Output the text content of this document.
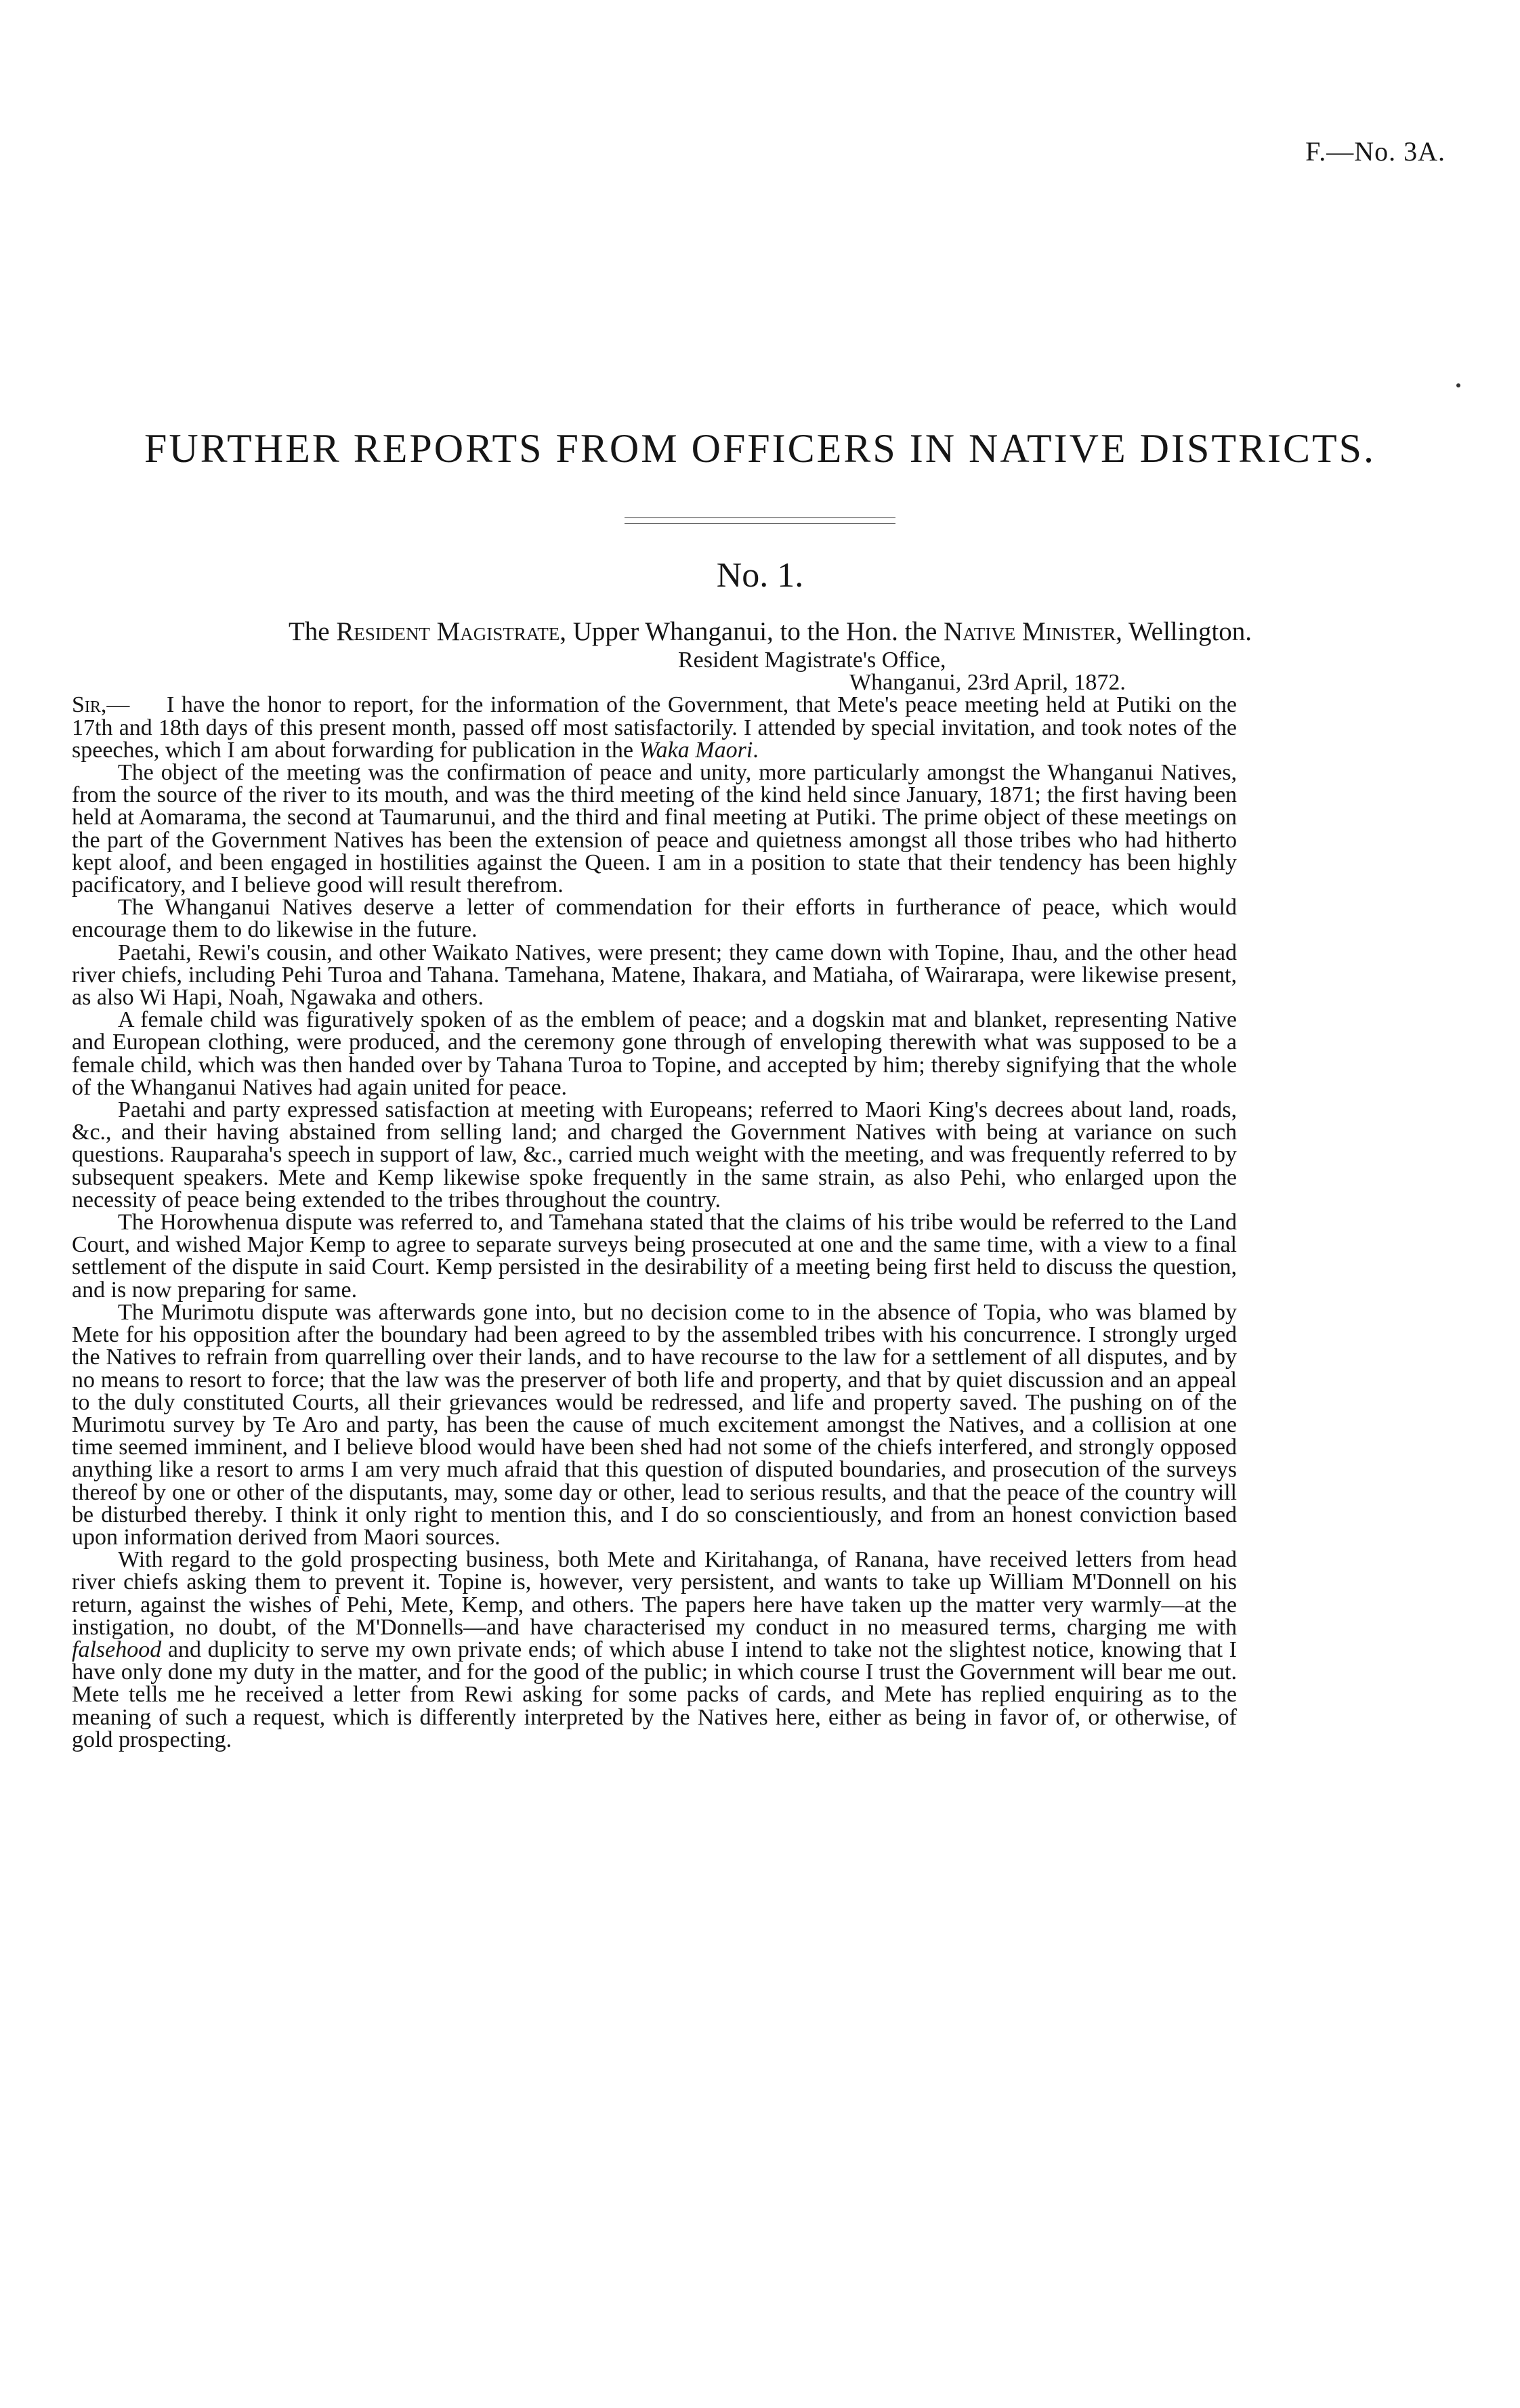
F.—No. 3A.
FURTHER REPORTS FROM OFFICERS IN NATIVE DISTRICTS.
No. 1.

The Resident Magistrate, Upper Whanganui, to the Hon. the Native Minister, Wellington.

Resident Magistrate's Office,
Whanganui, 23rd April, 1872.
Sir,—	I have the honor to report, for the information of the Government, that Mete's peace meeting held at Putiki on the 17th and 18th days of this present month, passed off most satisfactorily. I attended by special invitation, and took notes of the speeches, which I am about forwarding for publication in the Waka Maori.

The object of the meeting was the confirmation of peace and unity, more particularly amongst the Whanganui Natives, from the source of the river to its mouth, and was the third meeting of the kind held since January, 1871; the first having been held at Aomarama, the second at Taumarunui, and the third and final meeting at Putiki. The prime object of these meetings on the part of the Government Natives has been the extension of peace and quietness amongst all those tribes who had hitherto kept aloof, and been engaged in hostilities against the Queen. I am in a position to state that their tendency has been highly pacificatory, and I believe good will result therefrom.

The Whanganui Natives deserve a letter of commendation for their efforts in furtherance of peace, which would encourage them to do likewise in the future.

Paetahi, Rewi's cousin, and other Waikato Natives, were present; they came down with Topine, Ihau, and the other head river chiefs, including Pehi Turoa and Tahana. Tamehana, Matene, Ihakara, and Matiaha, of Wairarapa, were likewise present, as also Wi Hapi, Noah, Ngawaka and others.

A female child was figuratively spoken of as the emblem of peace; and a dogskin mat and blanket, representing Native and European clothing, were produced, and the ceremony gone through of enveloping therewith what was supposed to be a female child, which was then handed over by Tahana Turoa to Topine, and accepted by him; thereby signifying that the whole of the Whanganui Natives had again united for peace.

Paetahi and party expressed satisfaction at meeting with Europeans; referred to Maori King's decrees about land, roads, &c., and their having abstained from selling land; and charged the Government Natives with being at variance on such questions. Rauparaha's speech in support of law, &c., carried much weight with the meeting, and was frequently referred to by subsequent speakers. Mete and Kemp likewise spoke frequently in the same strain, as also Pehi, who enlarged upon the necessity of peace being extended to the tribes throughout the country.

The Horowhenua dispute was referred to, and Tamehana stated that the claims of his tribe would be referred to the Land Court, and wished Major Kemp to agree to separate surveys being prosecuted at one and the same time, with a view to a final settlement of the dispute in said Court. Kemp persisted in the desirability of a meeting being first held to discuss the question, and is now preparing for same.

The Murimotu dispute was afterwards gone into, but no decision come to in the absence of Topia, who was blamed by Mete for his opposition after the boundary had been agreed to by the assembled tribes with his concurrence. I strongly urged the Natives to refrain from quarrelling over their lands, and to have recourse to the law for a settlement of all disputes, and by no means to resort to force; that the law was the preserver of both life and property, and that by quiet discussion and an appeal to the duly constituted Courts, all their grievances would be redressed, and life and property saved. The pushing on of the Murimotu survey by Te Aro and party, has been the cause of much excitement amongst the Natives, and a collision at one time seemed imminent, and I believe blood would have been shed had not some of the chiefs interfered, and strongly opposed anything like a resort to arms I am very much afraid that this question of disputed boundaries, and prosecution of the surveys thereof by one or other of the disputants, may, some day or other, lead to serious results, and that the peace of the country will be disturbed thereby. I think it only right to mention this, and I do so conscientiously, and from an honest conviction based upon information derived from Maori sources.

With regard to the gold prospecting business, both Mete and Kiritahanga, of Ranana, have received letters from head river chiefs asking them to prevent it. Topine is, however, very persistent, and wants to take up William M'Donnell on his return, against the wishes of Pehi, Mete, Kemp, and others. The papers here have taken up the matter very warmly—at the instigation, no doubt, of the M'Donnells—and have characterised my conduct in no measured terms, charging me with falsehood and duplicity to serve my own private ends; of which abuse I intend to take not the slightest notice, knowing that I have only done my duty in the matter, and for the good of the public; in which course I trust the Government will bear me out. Mete tells me he received a letter from Rewi asking for some packs of cards, and Mete has replied enquiring as to the meaning of such a request, which is differently interpreted by the Natives here, either as being in favor of, or otherwise, of gold prospecting.
